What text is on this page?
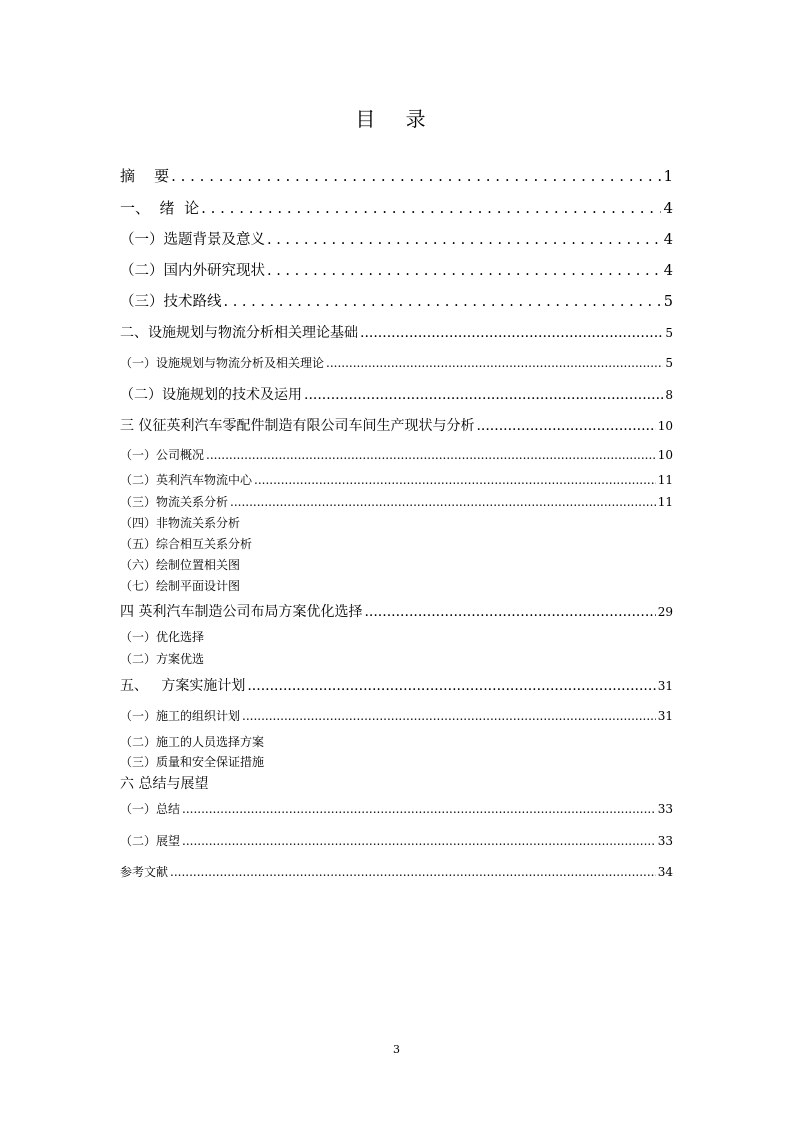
目 录
摘    要 . . .	1
一、  绪  论 . . .	4
（一）选题背景及意义 . . .	4
（二）国内外研究现状 . . .	4
（三）技术路线 . . .	5
二、设施规划与物流分析相关理论基础 .....	5
（一）设施规划与物流分析及相关理论 .....	5
（二）设施规划的技术及运用 .....	8
三 仪征英利汽车零配件制造有限公司车间生产现状与分析 .....	10
（一）公司概况 .....	10
（二）英利汽车物流中心 .....	11
（三）物流关系分析 .....	11
（四）非物流关系分析
（五）综合相互关系分析
（六）绘制位置相关图
（七）绘制平面设计图
四 英利汽车制造公司布局方案优化选择 .....	29
（一）优化选择
（二）方案优选
五、   方案实施计划 .....	31
（一）施工的组织计划 .....	31
（二）施工的人员选择方案
（三）质量和安全保证措施
六 总结与展望
（一）总结 .....	33
（二）展望 .....	33
参考文献 .....	34
3
